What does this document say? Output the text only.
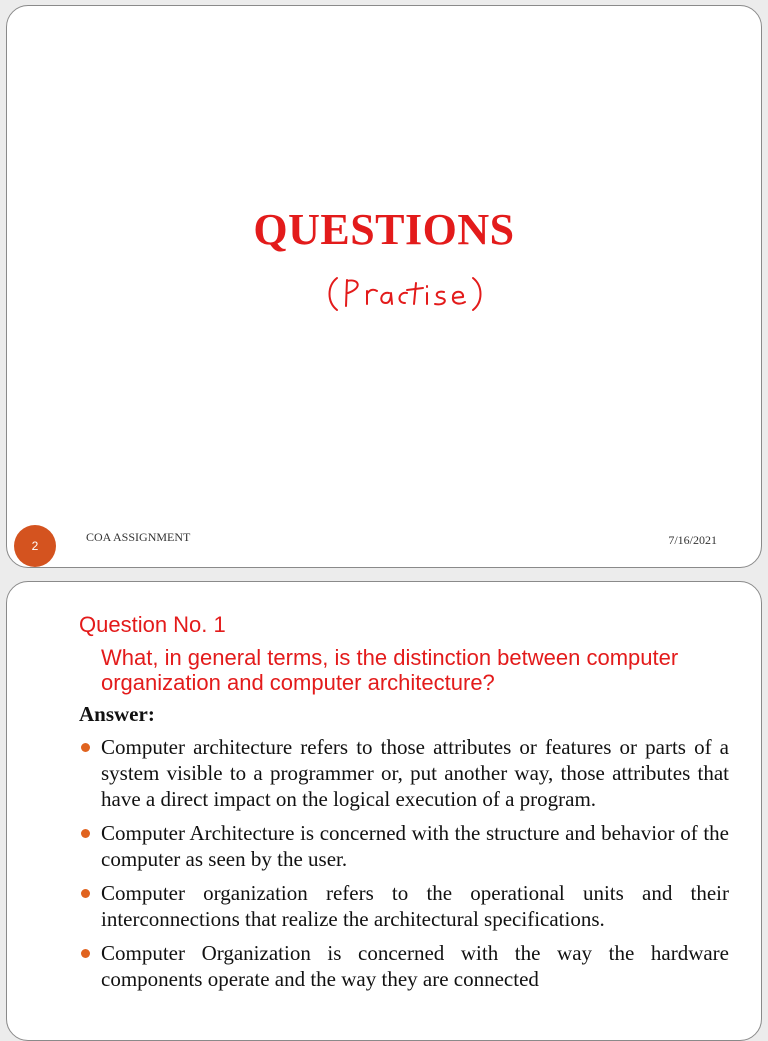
QUESTIONS
2
COA ASSIGNMENT	7/16/2021
Question No. 1
What, in general terms, is the distinction between computer organization and computer architecture?
Answer:
Computer architecture refers to those attributes or features or parts of a system visible to a programmer or, put another way, those attributes that have a direct impact on the logical execution of a program.
Computer Architecture is concerned with the structure and behavior of the computer as seen by the user.
Computer organization refers to the operational units and their interconnections that realize the architectural specifications.
Computer Organization is concerned with the way the hardware components operate and the way they are connected
